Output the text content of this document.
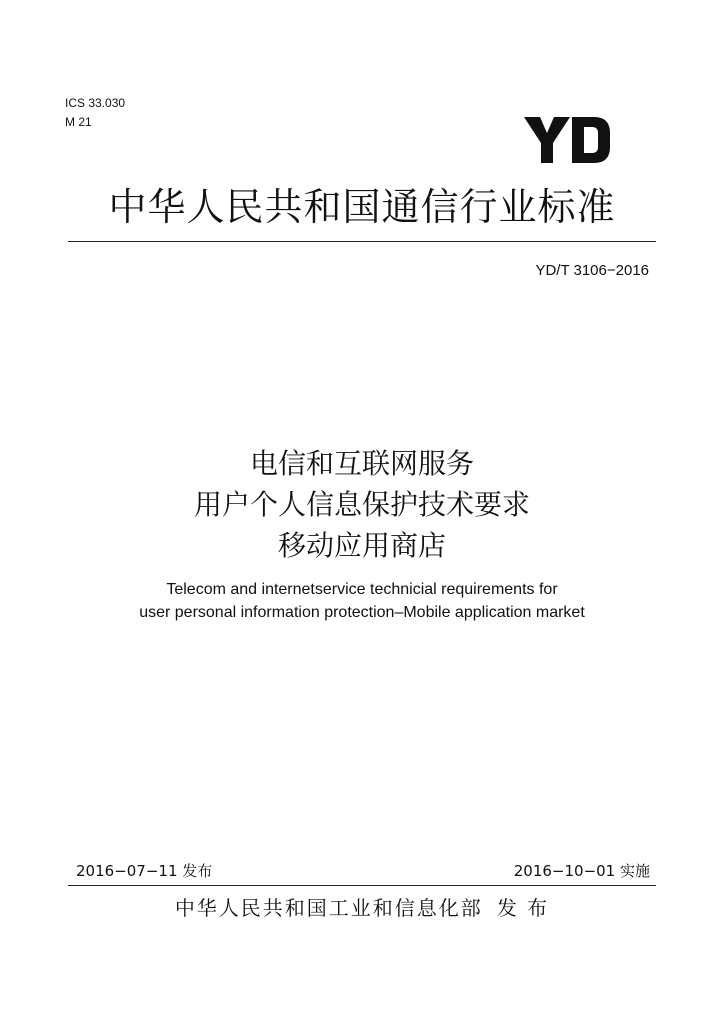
ICS 33.030
M 21
中华人民共和国通信行业标准
YD/T 3106−2016
电信和互联网服务
用户个人信息保护技术要求
移动应用商店
Telecom and internetservice technicial requirements for
user personal information protection–Mobile application market
2016−07−11 发布	2016−10−01 实施
中华人民共和国工业和信息化部 发 布
